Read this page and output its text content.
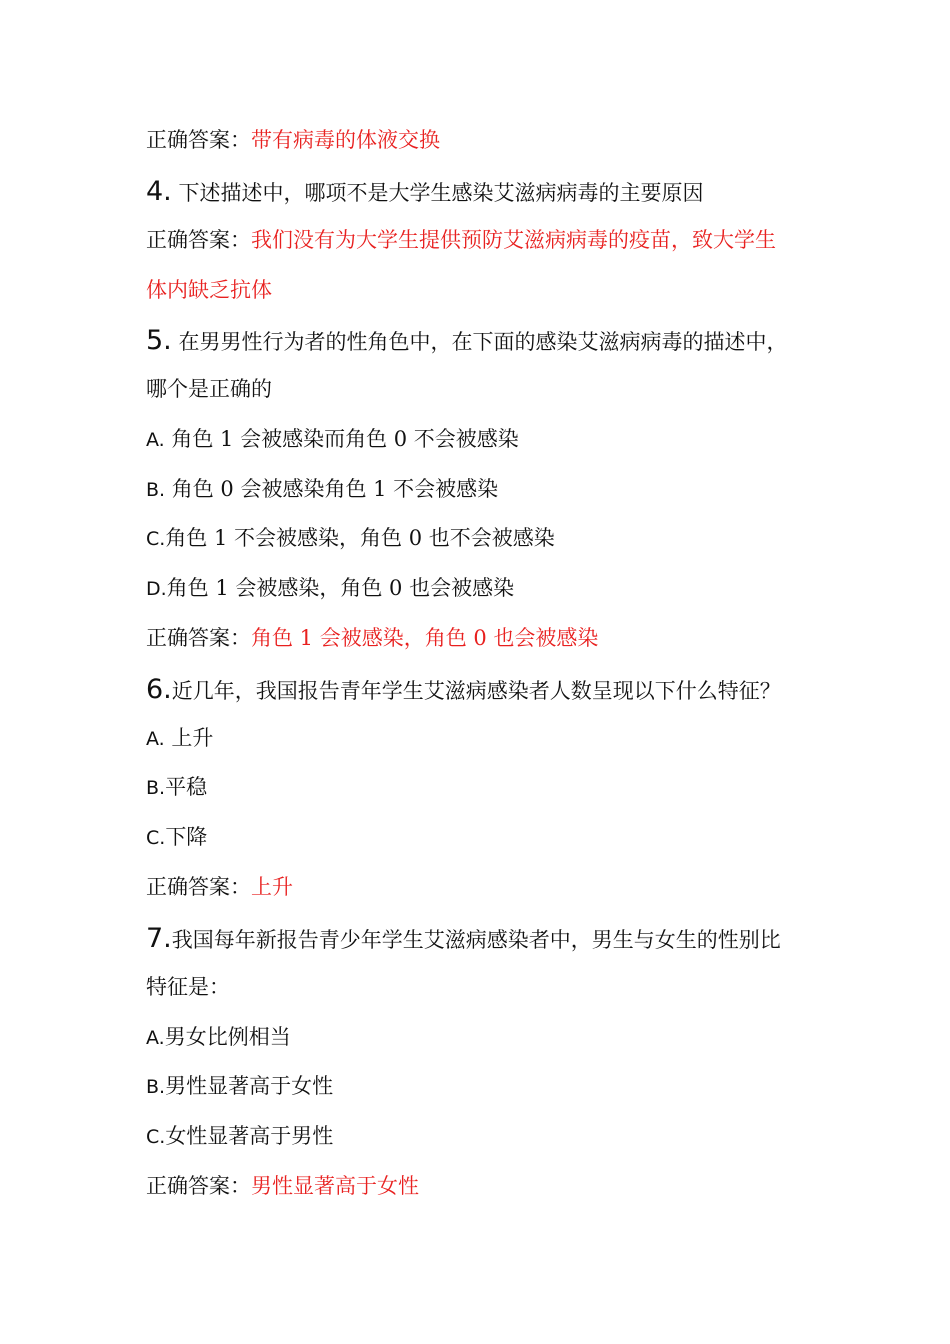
正确答案：带有病毒的体液交换
4. 下述描述中，哪项不是大学生感染艾滋病病毒的主要原因
正确答案：我们没有为大学生提供预防艾滋病病毒的疫苗，致大学生
体内缺乏抗体
5. 在男男性行为者的性角色中，在下面的感染艾滋病病毒的描述中，
哪个是正确的
A. 角色 1 会被感染而角色 0 不会被感染
B. 角色 0 会被感染角色 1 不会被感染
C.角色 1 不会被感染，角色 0 也不会被感染
D.角色 1 会被感染，角色 0 也会被感染
正确答案：角色 1 会被感染，角色 0 也会被感染
6.近几年，我国报告青年学生艾滋病感染者人数呈现以下什么特征？
A. 上升
B.平稳
C.下降
正确答案：上升
7.我国每年新报告青少年学生艾滋病感染者中，男生与女生的性别比
特征是：
A.男女比例相当
B.男性显著高于女性
C.女性显著高于男性
正确答案：男性显著高于女性
